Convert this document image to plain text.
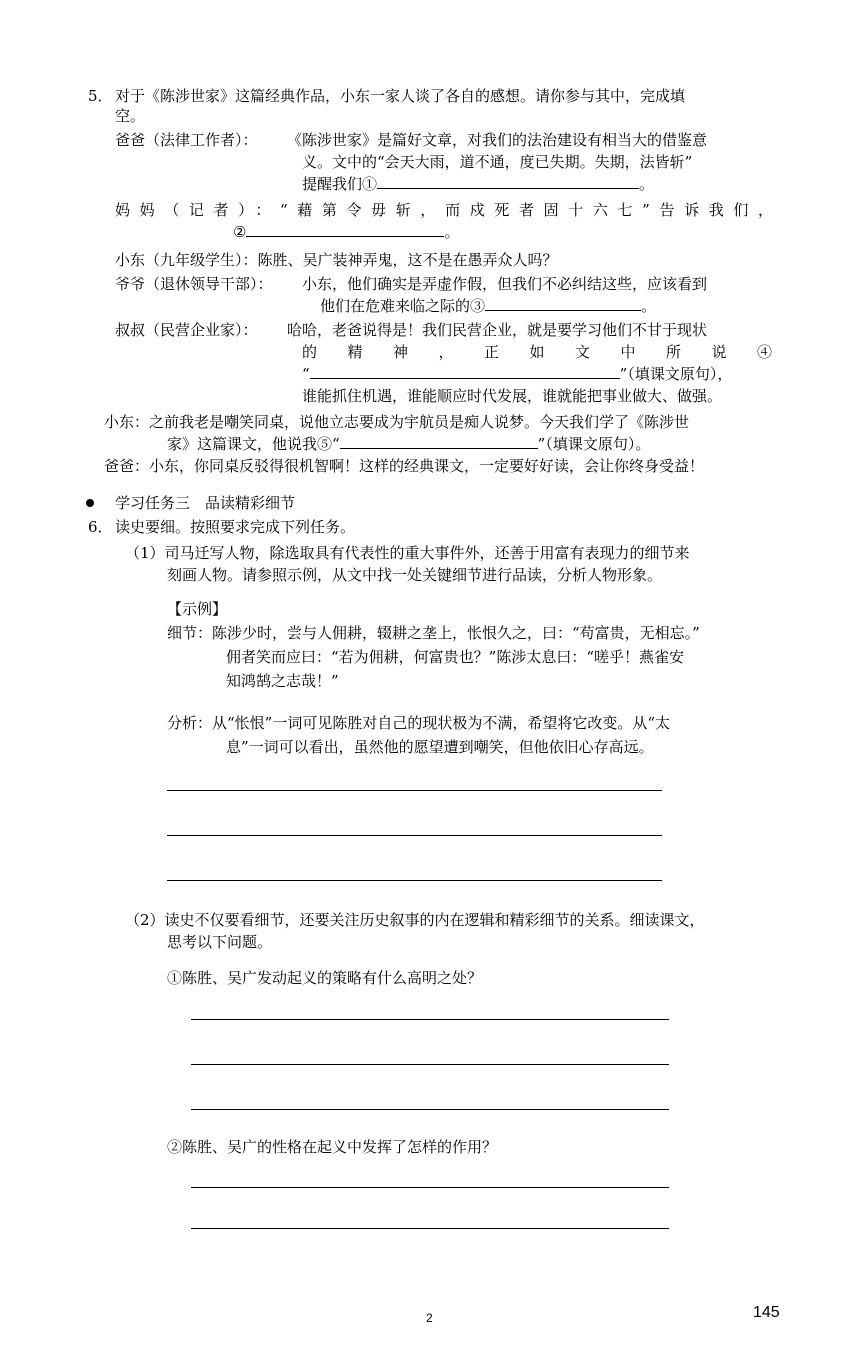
5． 对于《陈涉世家》这篇经典作品，小东一家人谈了各自的感想。请你参与其中，完成填
空。
爸爸（法律工作者）： 《陈涉世家》是篇好文章，对我们的法治建设有相当大的借鉴意
义。文中的“会天大雨，道不通，度已失期。失期，法皆斩”
提醒我们①	。
妈妈（记者）：“藉第令毋斩，而戍死者固十六七”告诉我们，
②	。
小东（九年级学生）：陈胜、吴广装神弄鬼，这不是在愚弄众人吗？
爷爷（退休领导干部）： 小东，他们确实是弄虚作假，但我们不必纠结这些，应该看到
他们在危难来临之际的③	。
叔叔（民营企业家）： 哈哈，老爸说得是！我们民营企业，就是要学习他们不甘于现状
的精神，正如文中所说④
“	”（填课文原句），
谁能抓住机遇，谁能顺应时代发展，谁就能把事业做大、做强。
小东：之前我老是嘲笑同桌，说他立志要成为宇航员是痴人说梦。今天我们学了《陈涉世
家》这篇课文，他说我⑤“	”（填课文原句）。
爸爸：小东，你同桌反驳得很机智啊！这样的经典课文，一定要好好读，会让你终身受益！
学习任务三　品读精彩细节
6． 读史要细。按照要求完成下列任务。
（1）司马迁写人物，除选取具有代表性的重大事件外，还善于用富有表现力的细节来
刻画人物。请参照示例，从文中找一处关键细节进行品读，分析人物形象。
【示例】
细节：陈涉少时，尝与人佣耕，辍耕之垄上，怅恨久之，曰：“苟富贵，无相忘。”
佣者笑而应曰：“若为佣耕，何富贵也？”陈涉太息曰：“嗟乎！燕雀安
知鸿鹄之志哉！”
分析：从“怅恨”一词可见陈胜对自己的现状极为不满，希望将它改变。从“太
息”一词可以看出，虽然他的愿望遭到嘲笑，但他依旧心存高远。
（2）读史不仅要看细节，还要关注历史叙事的内在逻辑和精彩细节的关系。细读课文，
思考以下问题。
①陈胜、吴广发动起义的策略有什么高明之处？
②陈胜、吴广的性格在起义中发挥了怎样的作用？
2	145
